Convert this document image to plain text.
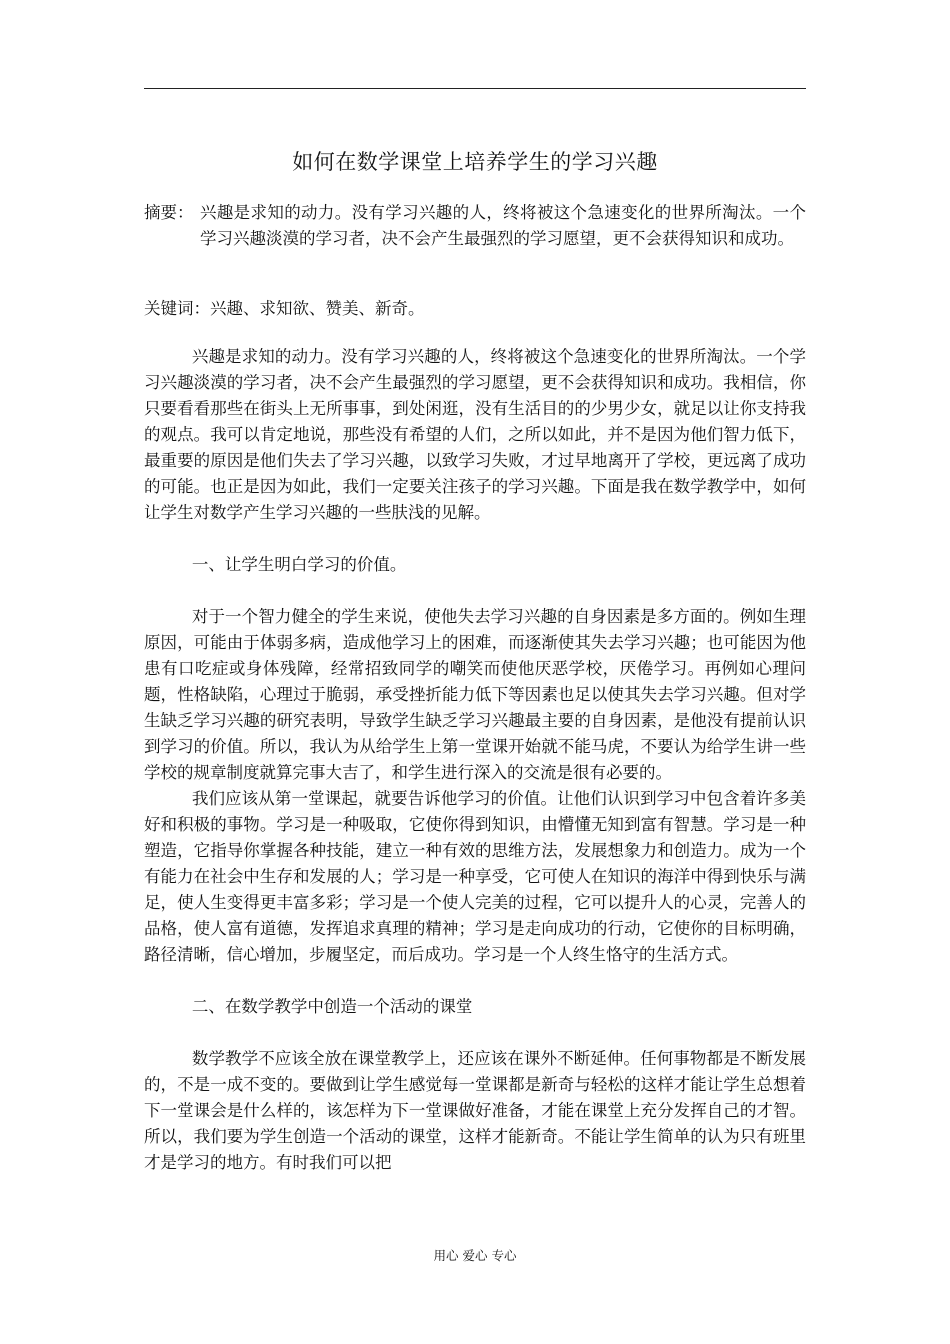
如何在数学课堂上培养学生的学习兴趣
摘要： 兴趣是求知的动力。没有学习兴趣的人，终将被这个急速变化的世界所淘汰。一个学习兴趣淡漠的学习者，决不会产生最强烈的学习愿望，更不会获得知识和成功。
关键词：兴趣、求知欲、赞美、新奇。

兴趣是求知的动力。没有学习兴趣的人，终将被这个急速变化的世界所淘汰。一个学习兴趣淡漠的学习者，决不会产生最强烈的学习愿望，更不会获得知识和成功。我相信，你只要看看那些在街头上无所事事，到处闲逛，没有生活目的的少男少女，就足以让你支持我的观点。我可以肯定地说，那些没有希望的人们，之所以如此，并不是因为他们智力低下，最重要的原因是他们失去了学习兴趣，以致学习失败，才过早地离开了学校，更远离了成功的可能。也正是因为如此，我们一定要关注孩子的学习兴趣。下面是我在数学教学中，如何让学生对数学产生学习兴趣的一些肤浅的见解。

一、让学生明白学习的价值。

对于一个智力健全的学生来说，使他失去学习兴趣的自身因素是多方面的。例如生理原因，可能由于体弱多病，造成他学习上的困难，而逐渐使其失去学习兴趣；也可能因为他患有口吃症或身体残障，经常招致同学的嘲笑而使他厌恶学校，厌倦学习。再例如心理问题，性格缺陷，心理过于脆弱，承受挫折能力低下等因素也足以使其失去学习兴趣。但对学生缺乏学习兴趣的研究表明，导致学生缺乏学习兴趣最主要的自身因素，是他没有提前认识到学习的价值。所以，我认为从给学生上第一堂课开始就不能马虎，不要认为给学生讲一些学校的规章制度就算完事大吉了，和学生进行深入的交流是很有必要的。

我们应该从第一堂课起，就要告诉他学习的价值。让他们认识到学习中包含着许多美好和积极的事物。学习是一种吸取，它使你得到知识，由懵懂无知到富有智慧。学习是一种塑造，它指导你掌握各种技能，建立一种有效的思维方法，发展想象力和创造力。成为一个有能力在社会中生存和发展的人；学习是一种享受，它可使人在知识的海洋中得到快乐与满足，使人生变得更丰富多彩；学习是一个使人完美的过程，它可以提升人的心灵，完善人的品格，使人富有道德，发挥追求真理的精神；学习是走向成功的行动，它使你的目标明确，路径清晰，信心增加，步履坚定，而后成功。学习是一个人终生恪守的生活方式。

二、在数学教学中创造一个活动的课堂

数学教学不应该全放在课堂教学上，还应该在课外不断延伸。任何事物都是不断发展的，不是一成不变的。要做到让学生感觉每一堂课都是新奇与轻松的这样才能让学生总想着下一堂课会是什么样的，该怎样为下一堂课做好准备，才能在课堂上充分发挥自己的才智。所以，我们要为学生创造一个活动的课堂，这样才能新奇。不能让学生简单的认为只有班里才是学习的地方。有时我们可以把

用心 爱心 专心
